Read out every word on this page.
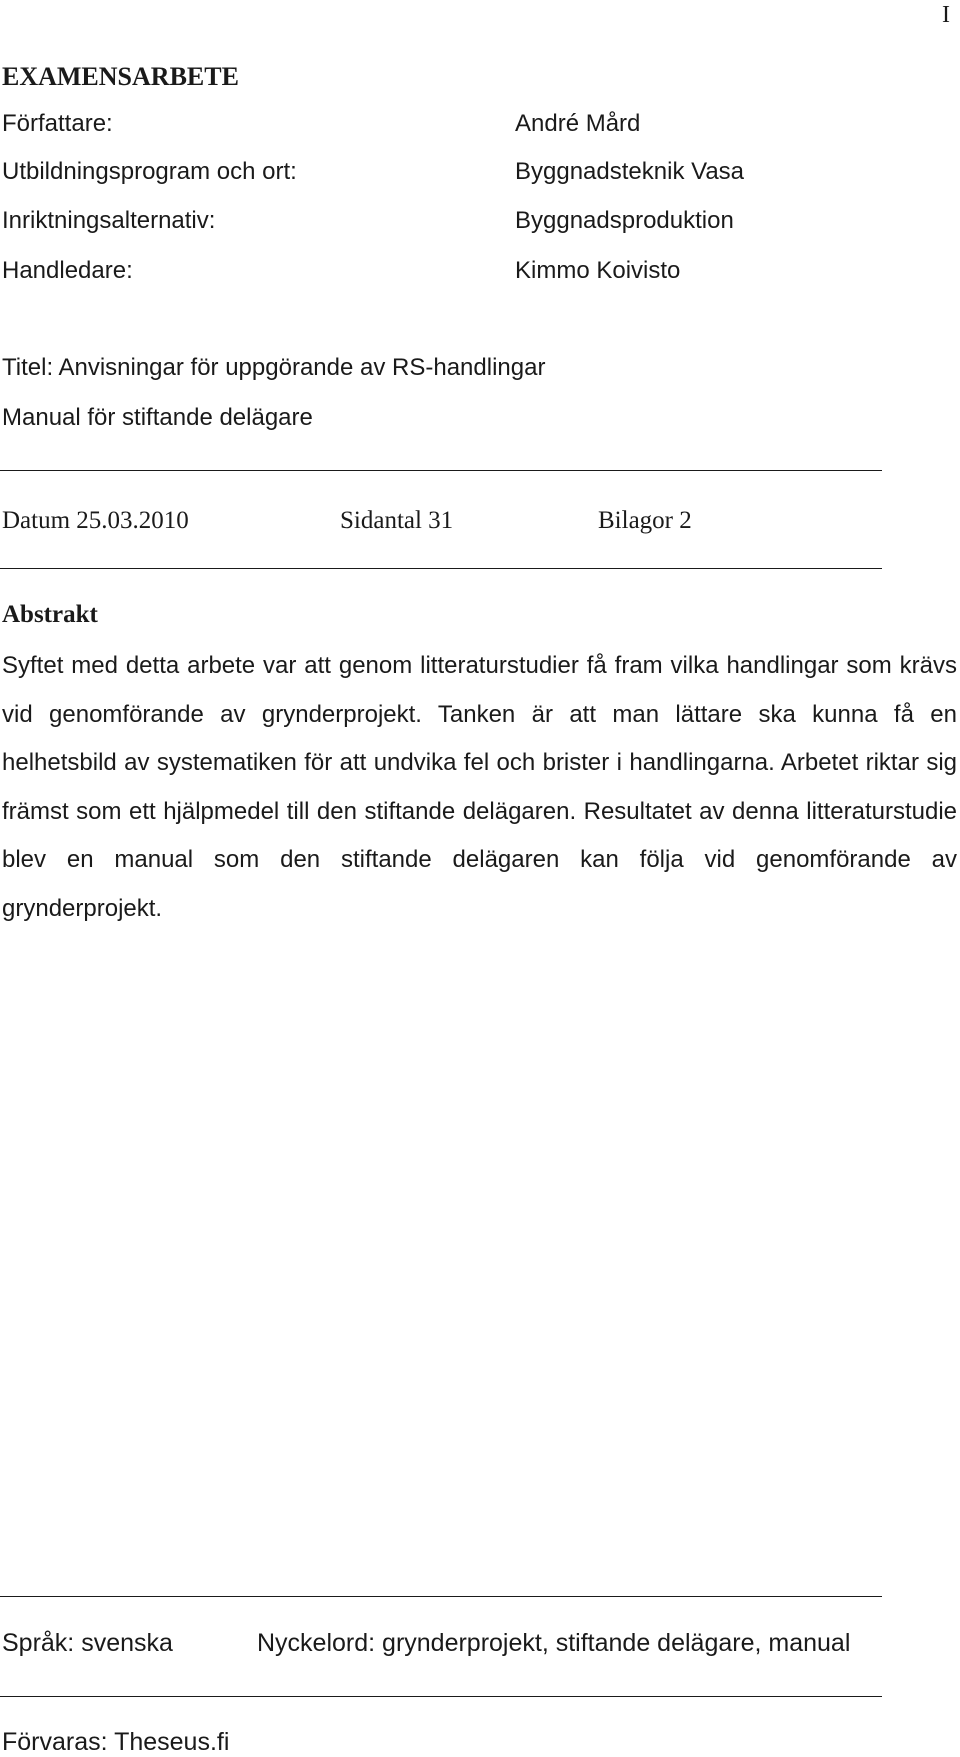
I
EXAMENSARBETE
Författare:	André Mård
Utbildningsprogram och ort:	Byggnadsteknik Vasa
Inriktningsalternativ:	Byggnadsproduktion
Handledare:	Kimmo Koivisto
Titel: Anvisningar för uppgörande av RS-handlingar
Manual för stiftande delägare
Datum 25.03.2010	Sidantal 31	Bilagor 2
Abstrakt
Syftet med detta arbete var att genom litteraturstudier få fram vilka handlingar som krävs vid genomförande av grynderprojekt. Tanken är att man lättare ska kunna få en helhetsbild av systematiken för att undvika fel och brister i handlingarna. Arbetet riktar sig främst som ett hjälpmedel till den stiftande delägaren. Resultatet av denna litteraturstudie blev en manual som den stiftande delägaren kan följa vid genomförande av grynderprojekt.
Språk: svenska	Nyckelord: grynderprojekt, stiftande delägare, manual
Förvaras: Theseus.fi
